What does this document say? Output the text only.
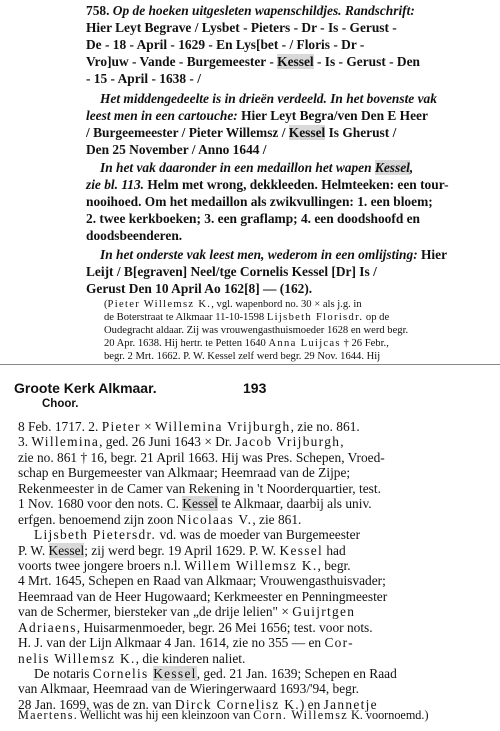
758. Op de hoeken uitgesleten wapenschildjes. Randschrift:
Hier Leyt Begrave / Lysbet - Pieters - Dr - Is - Gerust -
De - 18 - April - 1629 - En Lys[bet - / Floris - Dr -
Vro]uw - Vande - Burgemeester - Kessel - Is - Gerust - Den
- 15 - April - 1638 - /
Het middengedeelte is in drieën verdeeld. In het bovenste vak
leest men in een cartouche: Hier Leyt Begra/ven Den E Heer
/ Burgeemeester / Pieter Willemsz / Kessel Is Gherust /
Den 25 November / Anno 1644 /
In het vak daaronder in een medaillon het wapen Kessel,
zie bl. 113. Helm met wrong, dekkleeden. Helmteeken: een tour-
nooihoed. Om het medaillon als zwikvullingen: 1. een bloem;
2. twee kerkboeken; 3. een graflamp; 4. een doodshoofd en
doodsbeenderen.
In het onderste vak leest men, wederom in een omlijsting: Hier
Leijt / B[egraven] Neel/tge Cornelis Kessel [Dr] Is /
Gerust Den 10 April Ao 162[8] — (162).
(Pieter Willemsz K., vgl. wapenbord no. 30 × als j.g. in
de Boterstraat te Alkmaar 11-10-1598 Lijsbeth Florisdr. op de
Oudegracht aldaar. Zij was vrouwengasthuismoeder 1628 en werd begr.
20 Apr. 1638. Hij hertr. te Petten 1640 Anna Luijcas † 26 Febr.,
begr. 2 Mrt. 1662. P. W. Kessel zelf werd begr. 29 Nov. 1644. Hij
Groote Kerk Alkmaar.	193
Choor.
8 Feb. 1717. 2. Pieter × Willemina Vrijburgh, zie no. 861.
3. Willemina, ged. 26 Juni 1643 × Dr. Jacob Vrijburgh,
zie no. 861 † 16, begr. 21 April 1663. Hij was Pres. Schepen, Vroed-
schap en Burgemeester van Alkmaar; Heemraad van de Zijpe;
Rekenmeester in de Camer van Rekening in 't Noorderquartier, test.
1 Nov. 1680 voor den nots. C. Kessel te Alkmaar, daarbij als univ.
erfgen. benoemend zijn zoon Nicolaas V., zie 861.
Lijsbeth Pietersdr. vd. was de moeder van Burgemeester
P. W. Kessel; zij werd begr. 19 April 1629. P. W. Kessel had
voorts twee jongere broers n.l. Willem Willemsz K., begr.
4 Mrt. 1645, Schepen en Raad van Alkmaar; Vrouwengasthuisvader;
Heemraad van de Heer Hugowaard; Kerkmeester en Penningmeester
van de Schermer, biersteker van „de drije lelien" × Guijrtgen
Adriaens, Huisarmenmoeder, begr. 26 Mei 1656; test. voor nots.
H. J. van der Lijn Alkmaar 4 Jan. 1614, zie no 355 — en Cor-
nelis Willemsz K., die kinderen naliet.
De notaris Cornelis Kessel, ged. 21 Jan. 1639; Schepen en Raad
van Alkmaar, Heemraad van de Wieringerwaard 1693/'94, begr.
28 Jan. 1699, was de zn. van Dirck Cornelisz K.) en Jannetje
Maertens. Wellicht was hij een kleinzoon van Corn. Willemsz K. voornoemd.)
